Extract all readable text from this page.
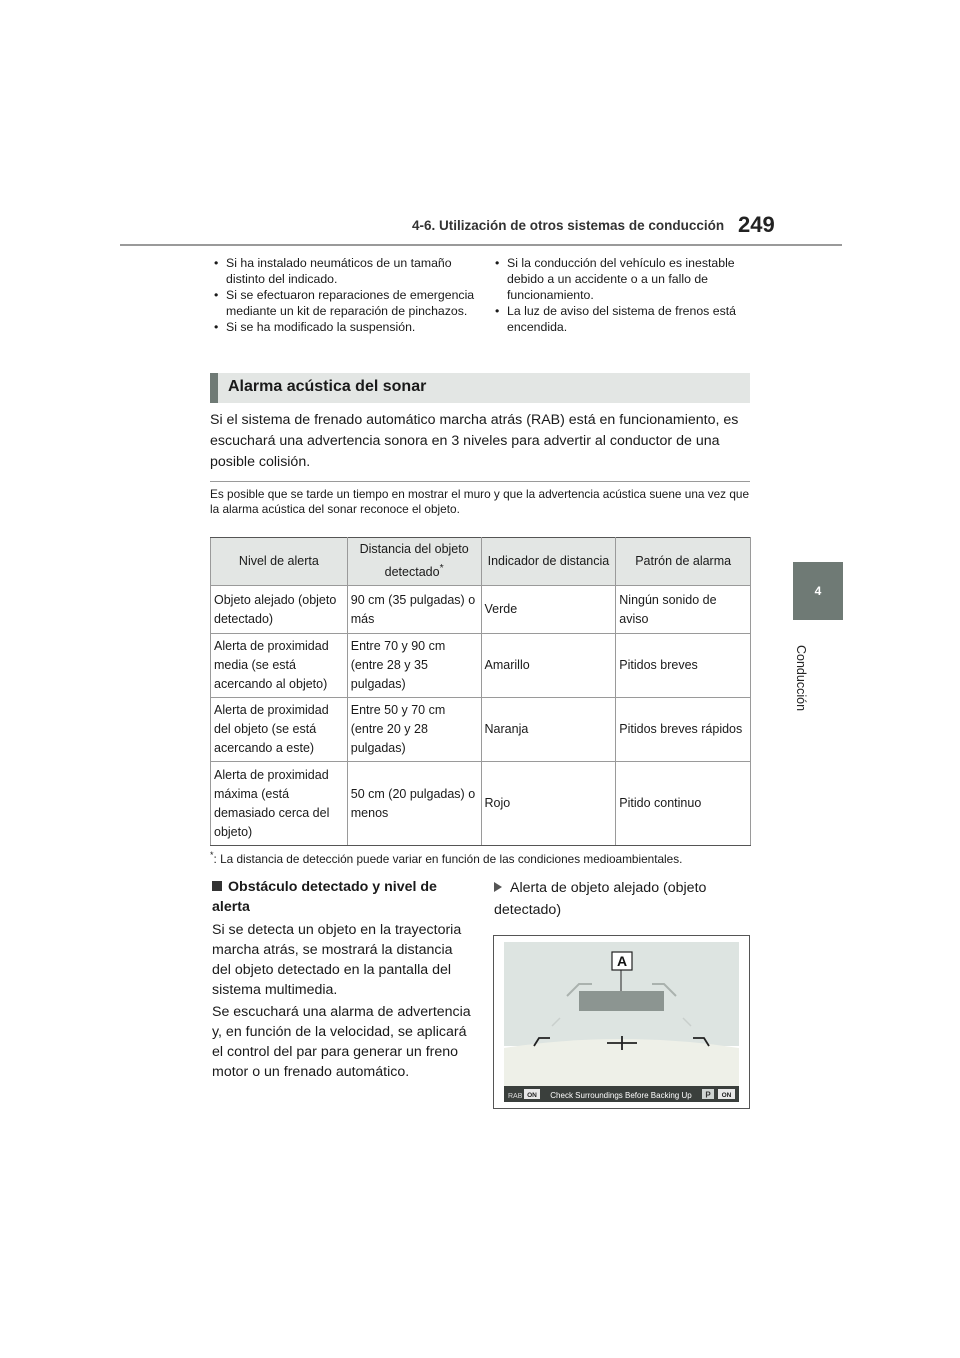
4-6. Utilización de otros sistemas de conducción 249
4
Conducción
• Si ha instalado neumáticos de un tamaño distinto del indicado.
• Si se efectuaron reparaciones de emergencia mediante un kit de reparación de pinchazos.
• Si se ha modificado la suspensión.
• Si la conducción del vehículo es inestable debido a un accidente o a un fallo de funcionamiento.
• La luz de aviso del sistema de frenos está encendida.
Alarma acústica del sonar
Si el sistema de frenado automático marcha atrás (RAB) está en funcionamiento, es escuchará una advertencia sonora en 3 niveles para advertir al conductor de una posible colisión.
Es posible que se tarde un tiempo en mostrar el muro y que la advertencia acústica suene una vez que la alarma acústica del sonar reconoce el objeto.
Nivel de alerta	Distancia del objeto detectado*	Indicador de distancia	Patrón de alarma
Objeto alejado (objeto detectado)	90 cm (35 pulgadas) o más	Verde	Ningún sonido de aviso
Alerta de proximidad media (se está acercando al objeto)	Entre 70 y 90 cm (entre 28 y 35 pulgadas)	Amarillo	Pitidos breves
Alerta de proximidad del objeto (se está acercando a este)	Entre 50 y 70 cm (entre 20 y 28 pulgadas)	Naranja	Pitidos breves rápidos
Alerta de proximidad máxima (está demasiado cerca del objeto)	50 cm (20 pulgadas) o menos	Rojo	Pitido continuo
*: La distancia de detección puede variar en función de las condiciones medioambientales.
Obstáculo detectado y nivel de alerta
Si se detecta un objeto en la trayectoria marcha atrás, se mostrará la distancia del objeto detectado en la pantalla del sistema multimedia.
Se escuchará una alarma de advertencia y, en función de la velocidad, se aplicará el control del par para generar un freno motor o un frenado automático.
Alerta de objeto alejado (objeto detectado)
A
RAB ON Check Surroundings Before Backing Up P ON
